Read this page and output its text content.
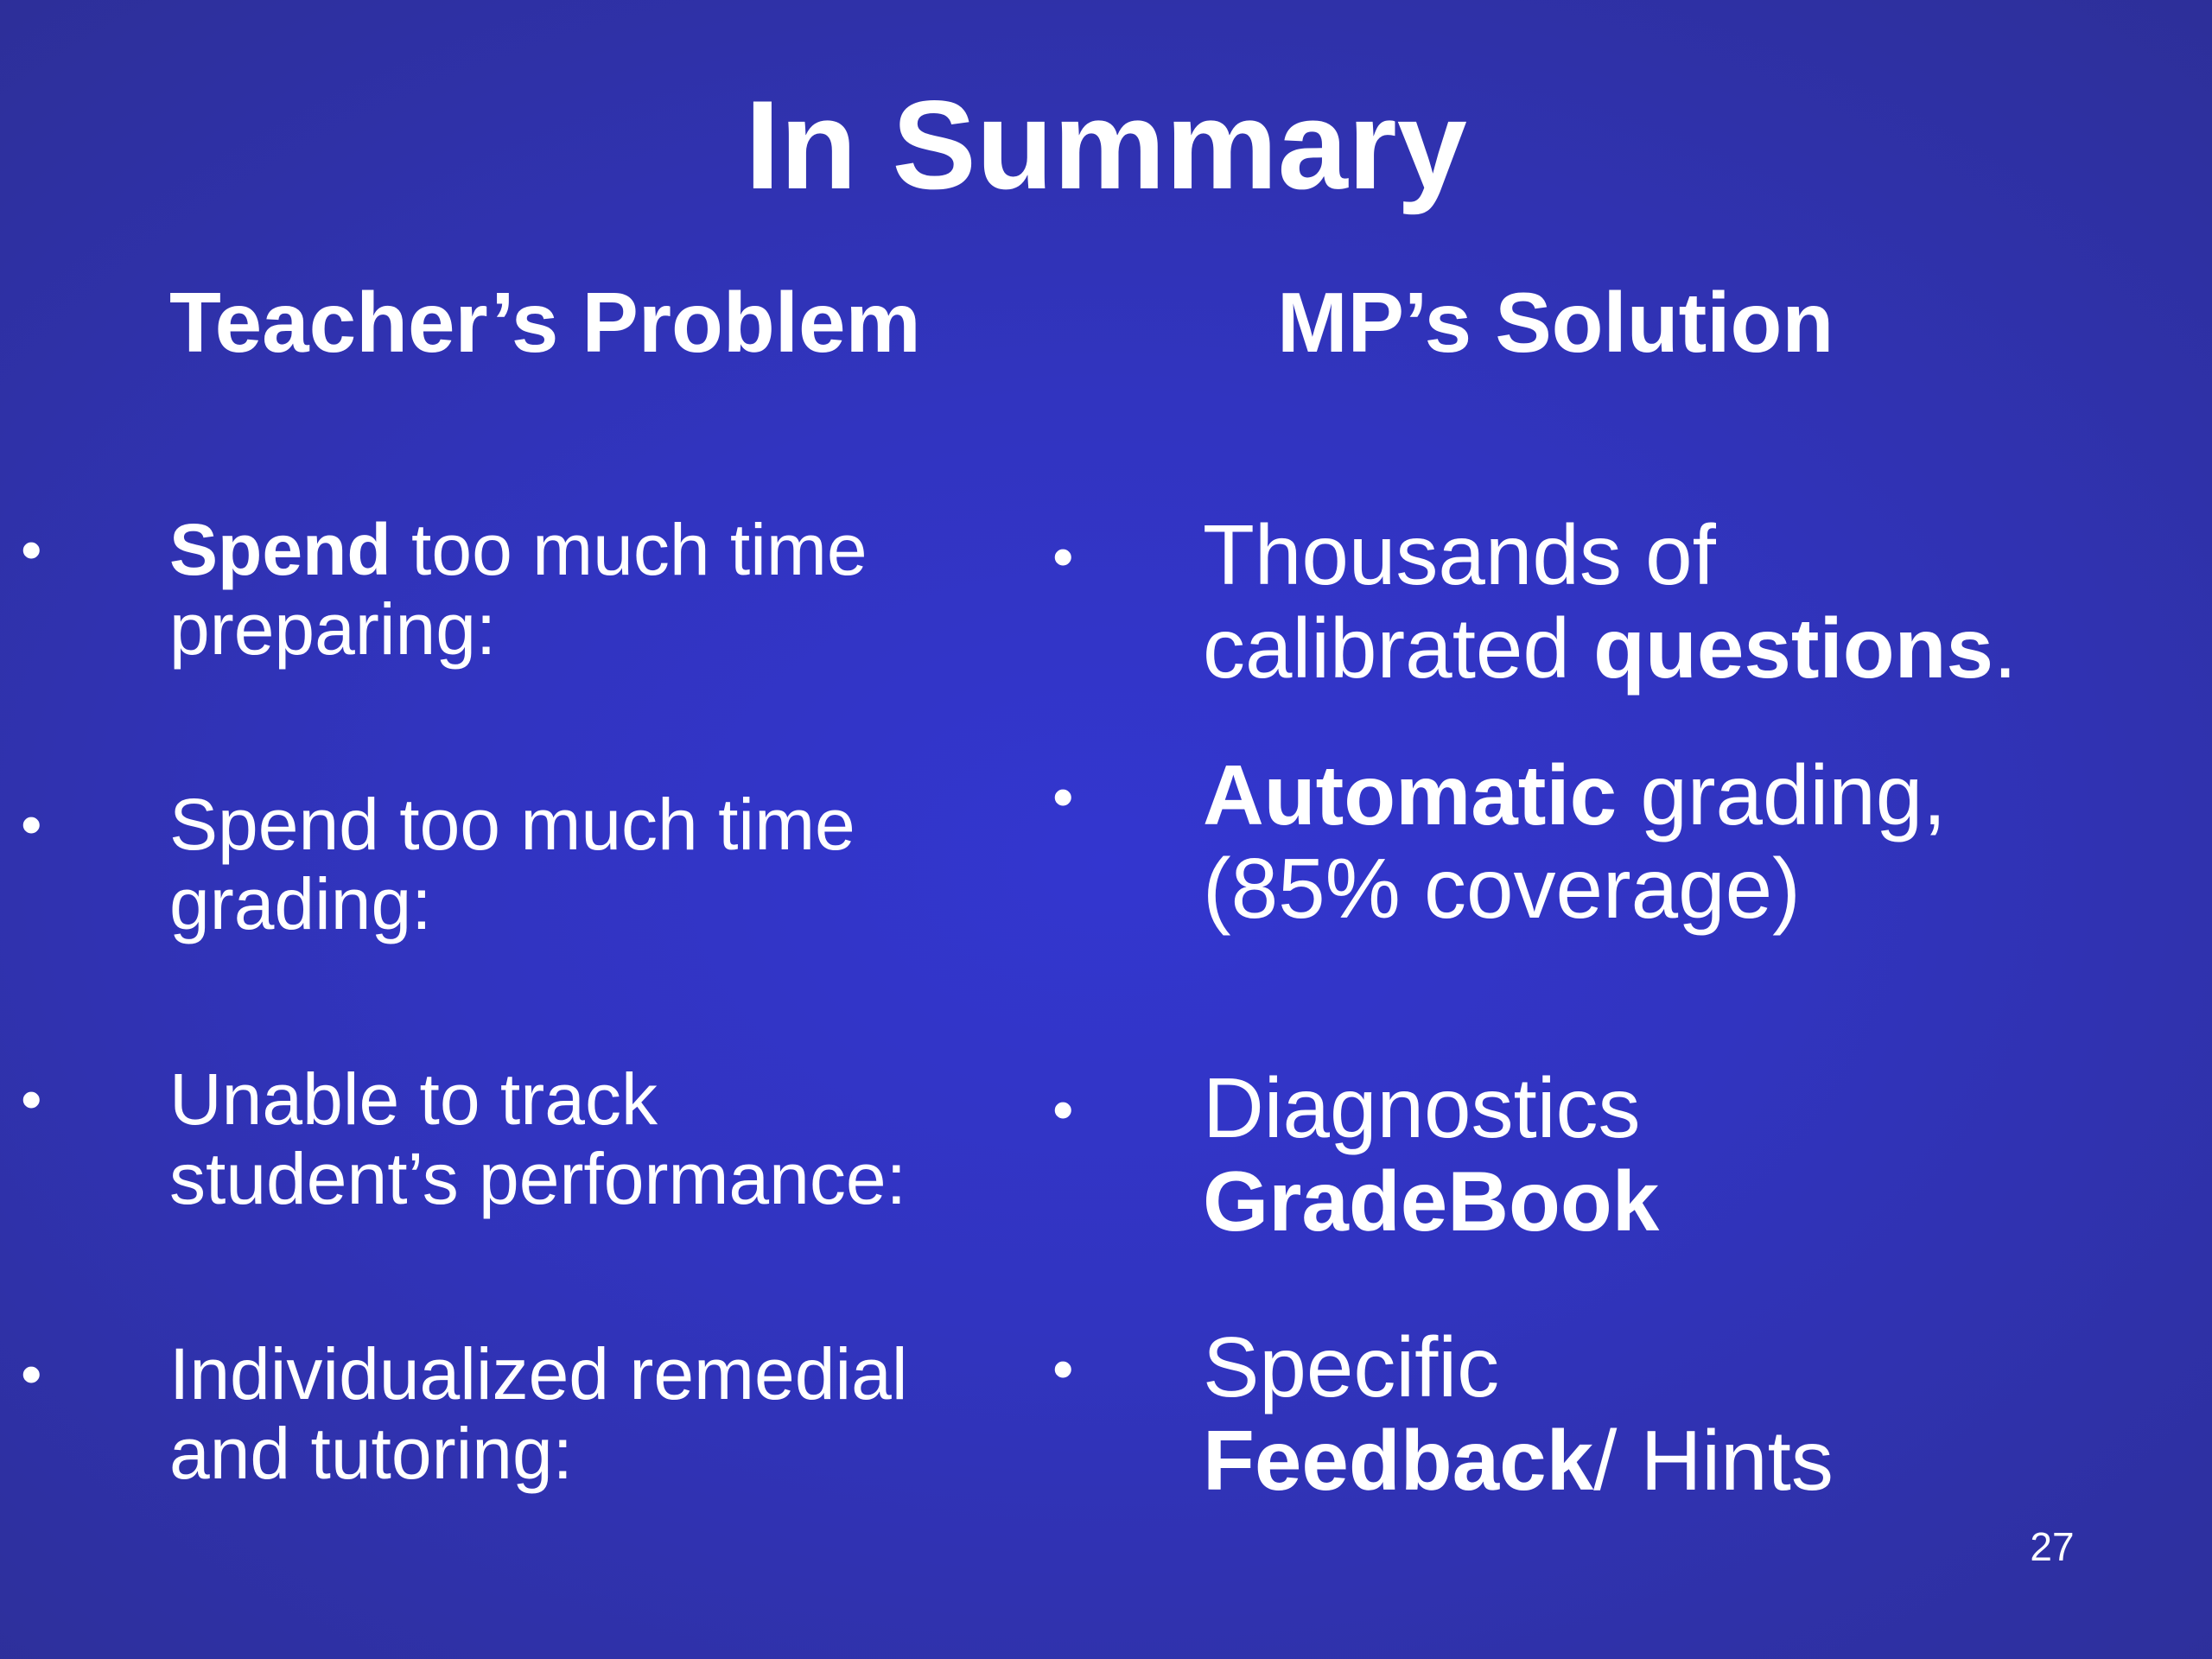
In Summary
Teacher’s Problem	MP’s Solution
• Spend too much time
preparing:
• Spend too much time
grading:
• Unable to track
student’s performance:
• Individualized remedial
and tutoring:
• Thousands of
calibrated questions.
• Automatic grading,
(85% coverage)
• Diagnostics
GradeBook
• Specific
Feedback/ Hints
27
